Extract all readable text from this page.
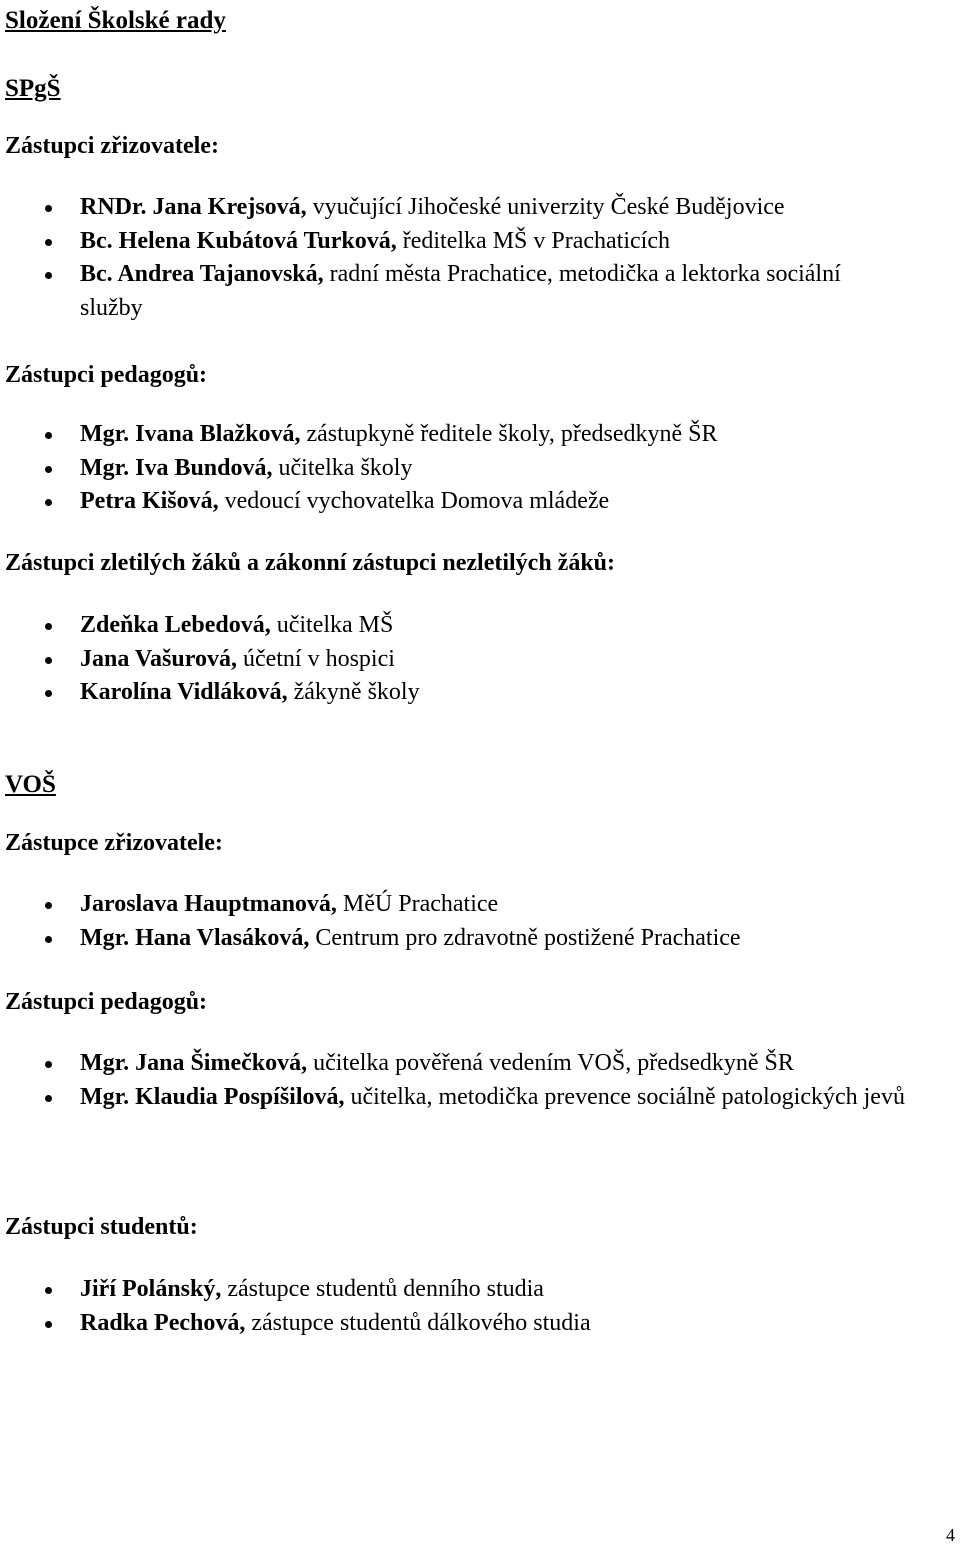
Složení Školské rady
SPgŠ
Zástupci zřizovatele:
RNDr. Jana Krejsová, vyučující Jihočeské univerzity České Budějovice
Bc. Helena Kubátová Turková, ředitelka MŠ v Prachaticích
Bc. Andrea Tajanovská, radní města Prachatice, metodička a lektorka sociální služby
Zástupci pedagogů:
Mgr. Ivana Blažková, zástupkyně ředitele školy, předsedkyně ŠR
Mgr. Iva Bundová, učitelka školy
Petra Kišová, vedoucí vychovatelka Domova mládeže
Zástupci zletilých žáků a zákonní zástupci nezletilých žáků:
Zdeňka Lebedová, učitelka MŠ
Jana Vašurová, účetní v hospici
Karolína Vidláková, žákyně školy
VOŠ
Zástupce zřizovatele:
Jaroslava Hauptmanová, MěÚ Prachatice
Mgr. Hana Vlasáková, Centrum pro zdravotně postižené Prachatice
Zástupci pedagogů:
Mgr. Jana Šimečková, učitelka pověřená vedením VOŠ, předsedkyně ŠR
Mgr. Klaudia Pospíšilová, učitelka, metodička prevence sociálně patologických jevů
Zástupci studentů:
Jiří Polánský, zástupce studentů denního studia
Radka Pechová, zástupce studentů dálkového studia
4
